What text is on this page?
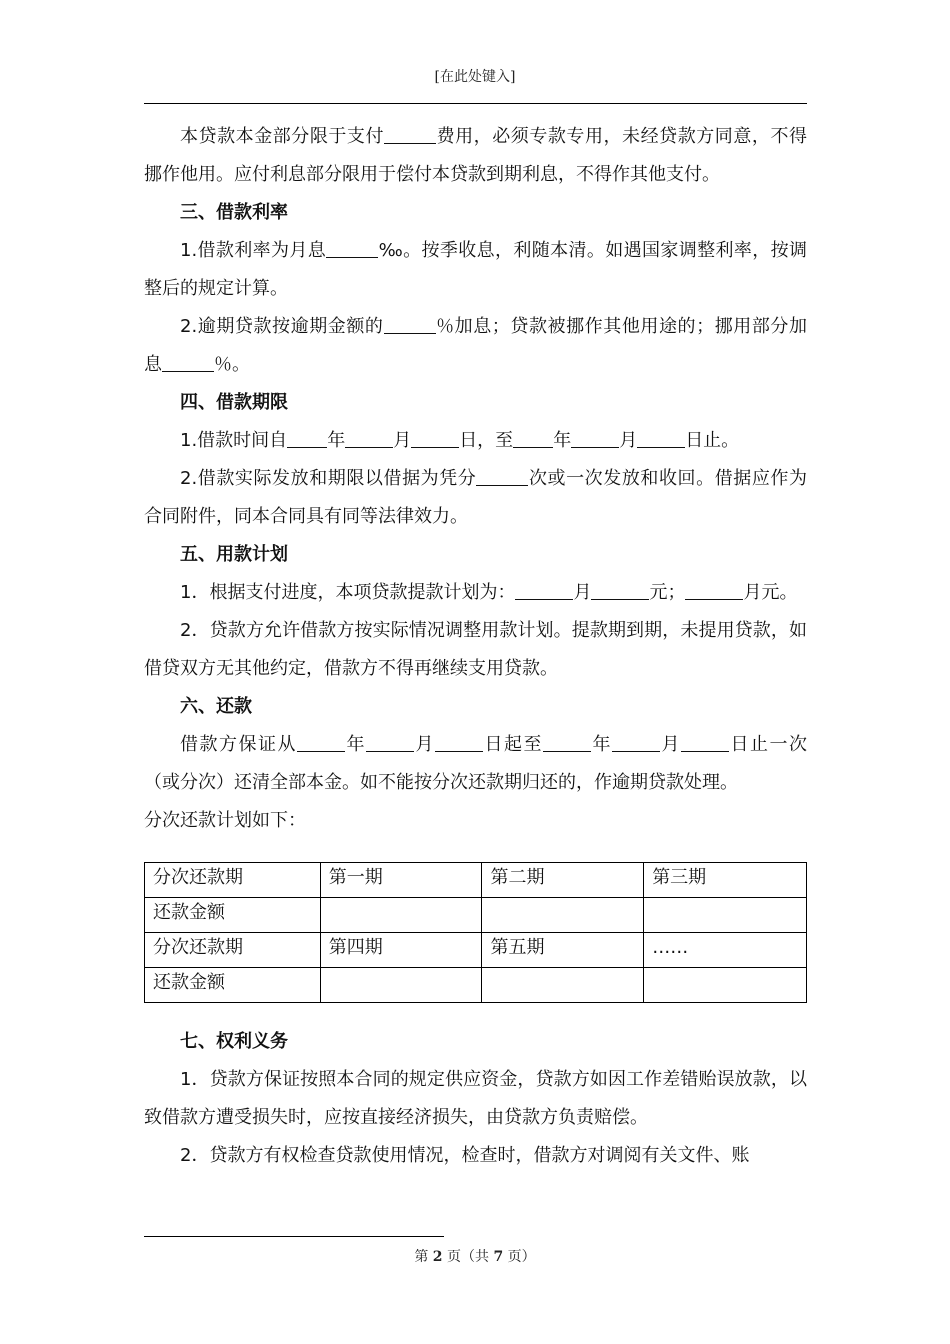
[在此处键入]

本贷款本金部分限于支付	费用，必须专款专用，未经贷款方同意，不得挪作他用。应付利息部分限用于偿付本贷款到期利息，不得作其他支付。

三、借款利率

1.借款利率为月息	‰。按季收息，利随本清。如遇国家调整利率，按调整后的规定计算。

2.逾期贷款按逾期金额的	％加息；贷款被挪作其他用途的；挪用部分加息	％。

四、借款期限

1.借款时间自 年	月	日，至 年	月	日止。

2.借款实际发放和期限以借据为凭分	次或一次发放和收回。借据应作为合同附件，同本合同具有同等法律效力。

五、用款计划

1．根据支付进度，本项贷款提款计划为：	月	元；	月元。

2．贷款方允许借款方按实际情况调整用款计划。提款期到期，未提用贷款，如借贷双方无其他约定，借款方不得再继续支用贷款。

六、还款

借款方保证从	年	月	日起至	年	月	日止一次（或分次）还清全部本金。如不能按分次还款期归还的，作逾期贷款处理。

分次还款计划如下：

分次还款期	第一期	第二期	第三期
还款金额			
分次还款期	第四期	第五期	……
还款金额			

七、权利义务

1．贷款方保证按照本合同的规定供应资金，贷款方如因工作差错贻误放款，以致借款方遭受损失时，应按直接经济损失，由贷款方负责赔偿。

2．贷款方有权检查贷款使用情况，检查时，借款方对调阅有关文件、账

第 2 页（共 7 页）
